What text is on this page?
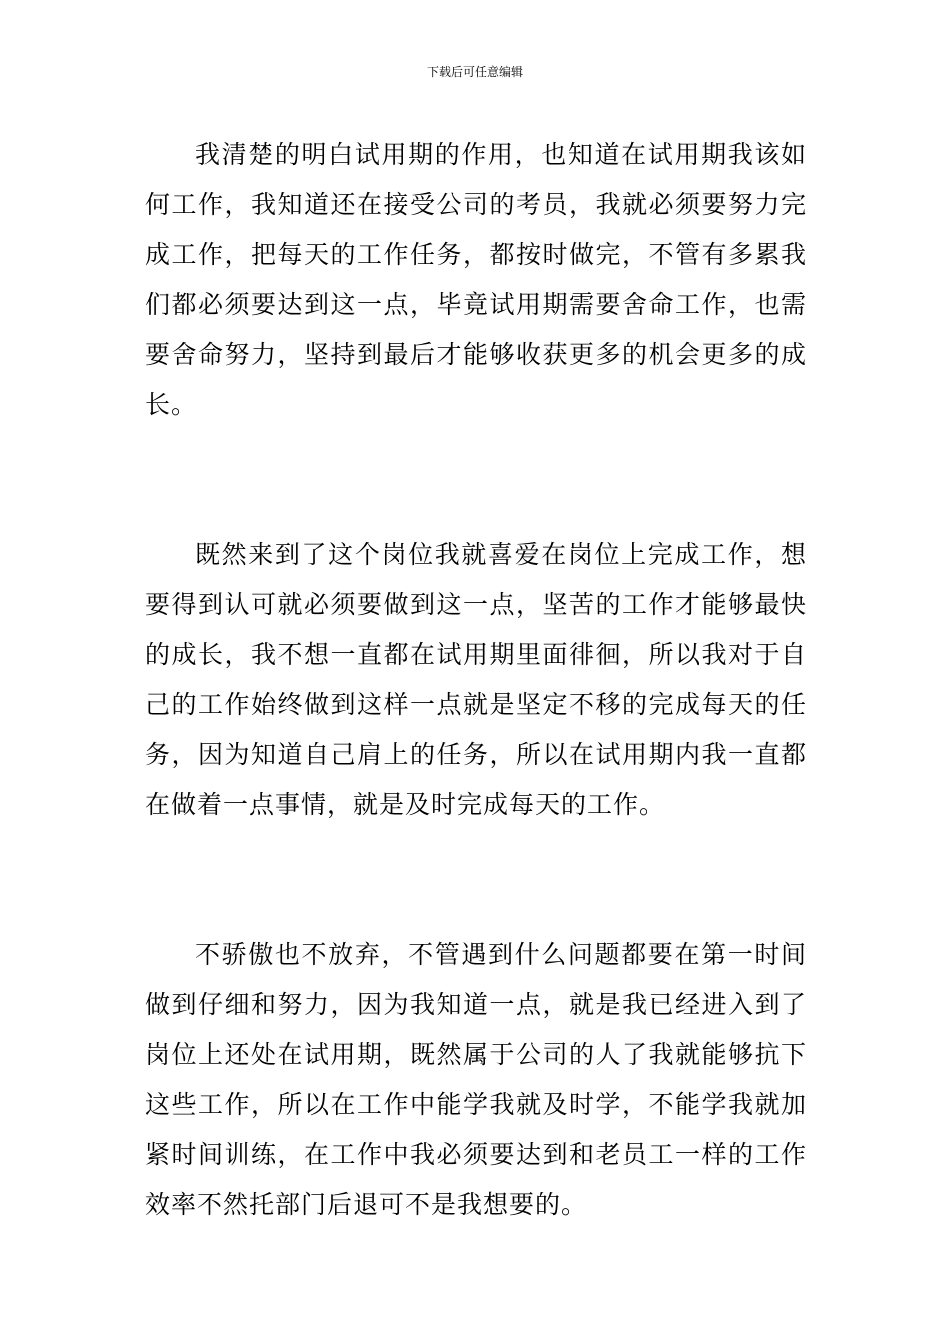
下载后可任意编辑

我清楚的明白试用期的作用，也知道在试用期我该如何工作，我知道还在接受公司的考员，我就必须要努力完成工作，把每天的工作任务，都按时做完，不管有多累我们都必须要达到这一点，毕竟试用期需要舍命工作，也需要舍命努力，坚持到最后才能够收获更多的机会更多的成长。

既然来到了这个岗位我就喜爱在岗位上完成工作，想要得到认可就必须要做到这一点，坚苦的工作才能够最快的成长，我不想一直都在试用期里面徘徊，所以我对于自己的工作始终做到这样一点就是坚定不移的完成每天的任务，因为知道自己肩上的任务，所以在试用期内我一直都在做着一点事情，就是及时完成每天的工作。

不骄傲也不放弃，不管遇到什么问题都要在第一时间做到仔细和努力，因为我知道一点，就是我已经进入到了岗位上还处在试用期，既然属于公司的人了我就能够抗下这些工作，所以在工作中能学我就及时学，不能学我就加紧时间训练，在工作中我必须要达到和老员工一样的工作效率不然托部门后退可不是我想要的。
